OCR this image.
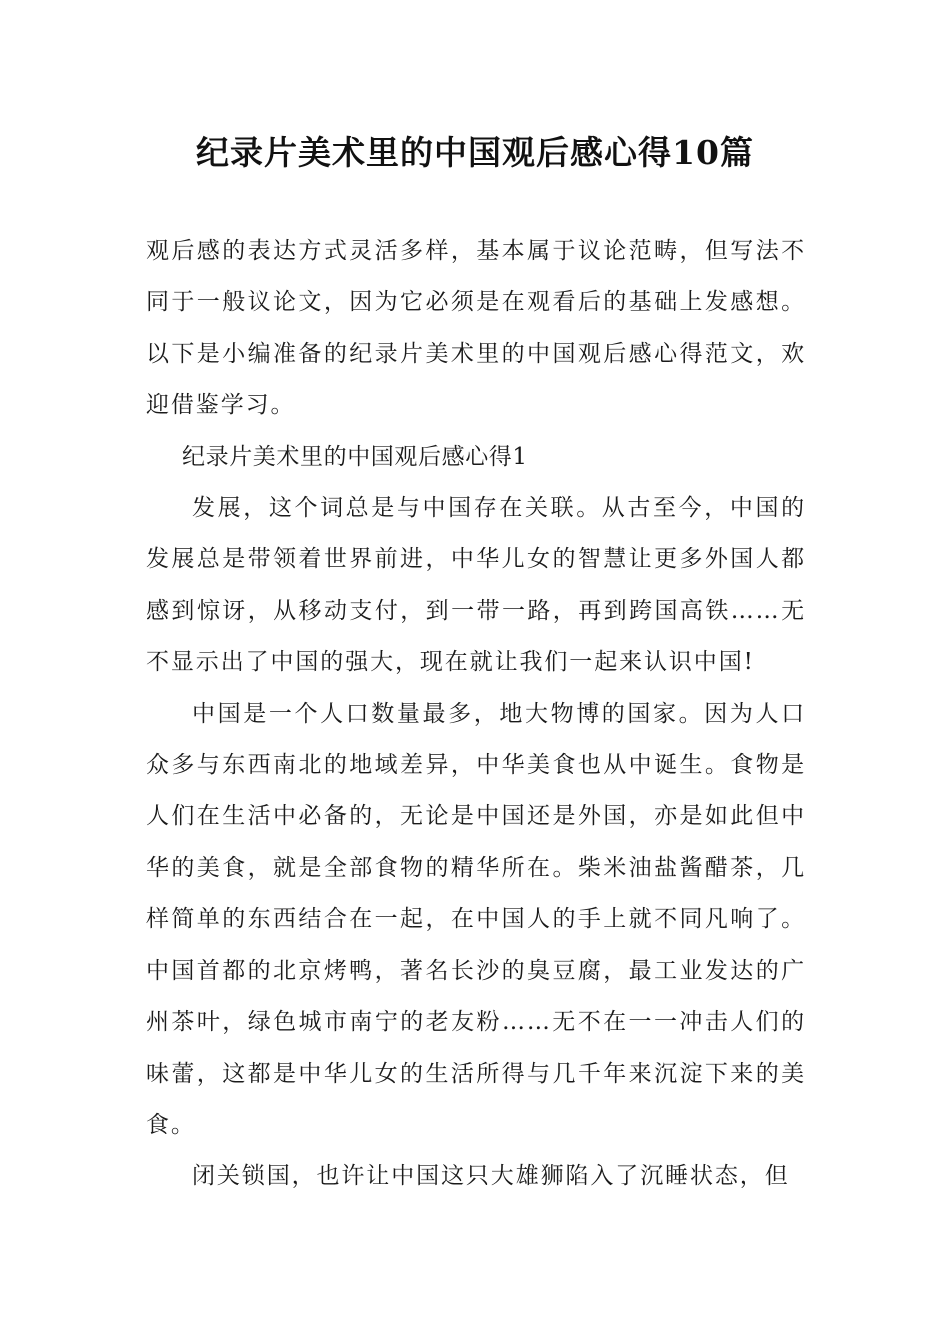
纪录片美术里的中国观后感心得10篇

观后感的表达方式灵活多样，基本属于议论范畴，但写法不同于一般议论文，因为它必须是在观看后的基础上发感想。以下是小编准备的纪录片美术里的中国观后感心得范文，欢迎借鉴学习。

纪录片美术里的中国观后感心得1

发展，这个词总是与中国存在关联。从古至今，中国的发展总是带领着世界前进，中华儿女的智慧让更多外国人都感到惊讶，从移动支付，到一带一路，再到跨国高铁……无不显示出了中国的强大，现在就让我们一起来认识中国!

中国是一个人口数量最多，地大物博的国家。因为人口众多与东西南北的地域差异，中华美食也从中诞生。食物是人们在生活中必备的，无论是中国还是外国，亦是如此但中华的美食，就是全部食物的精华所在。柴米油盐酱醋茶，几样简单的东西结合在一起，在中国人的手上就不同凡响了。中国首都的北京烤鸭，著名长沙的臭豆腐，最工业发达的广州茶叶，绿色城市南宁的老友粉……无不在一一冲击人们的味蕾，这都是中华儿女的生活所得与几千年来沉淀下来的美食。

闭关锁国，也许让中国这只大雄狮陷入了沉睡状态，但
